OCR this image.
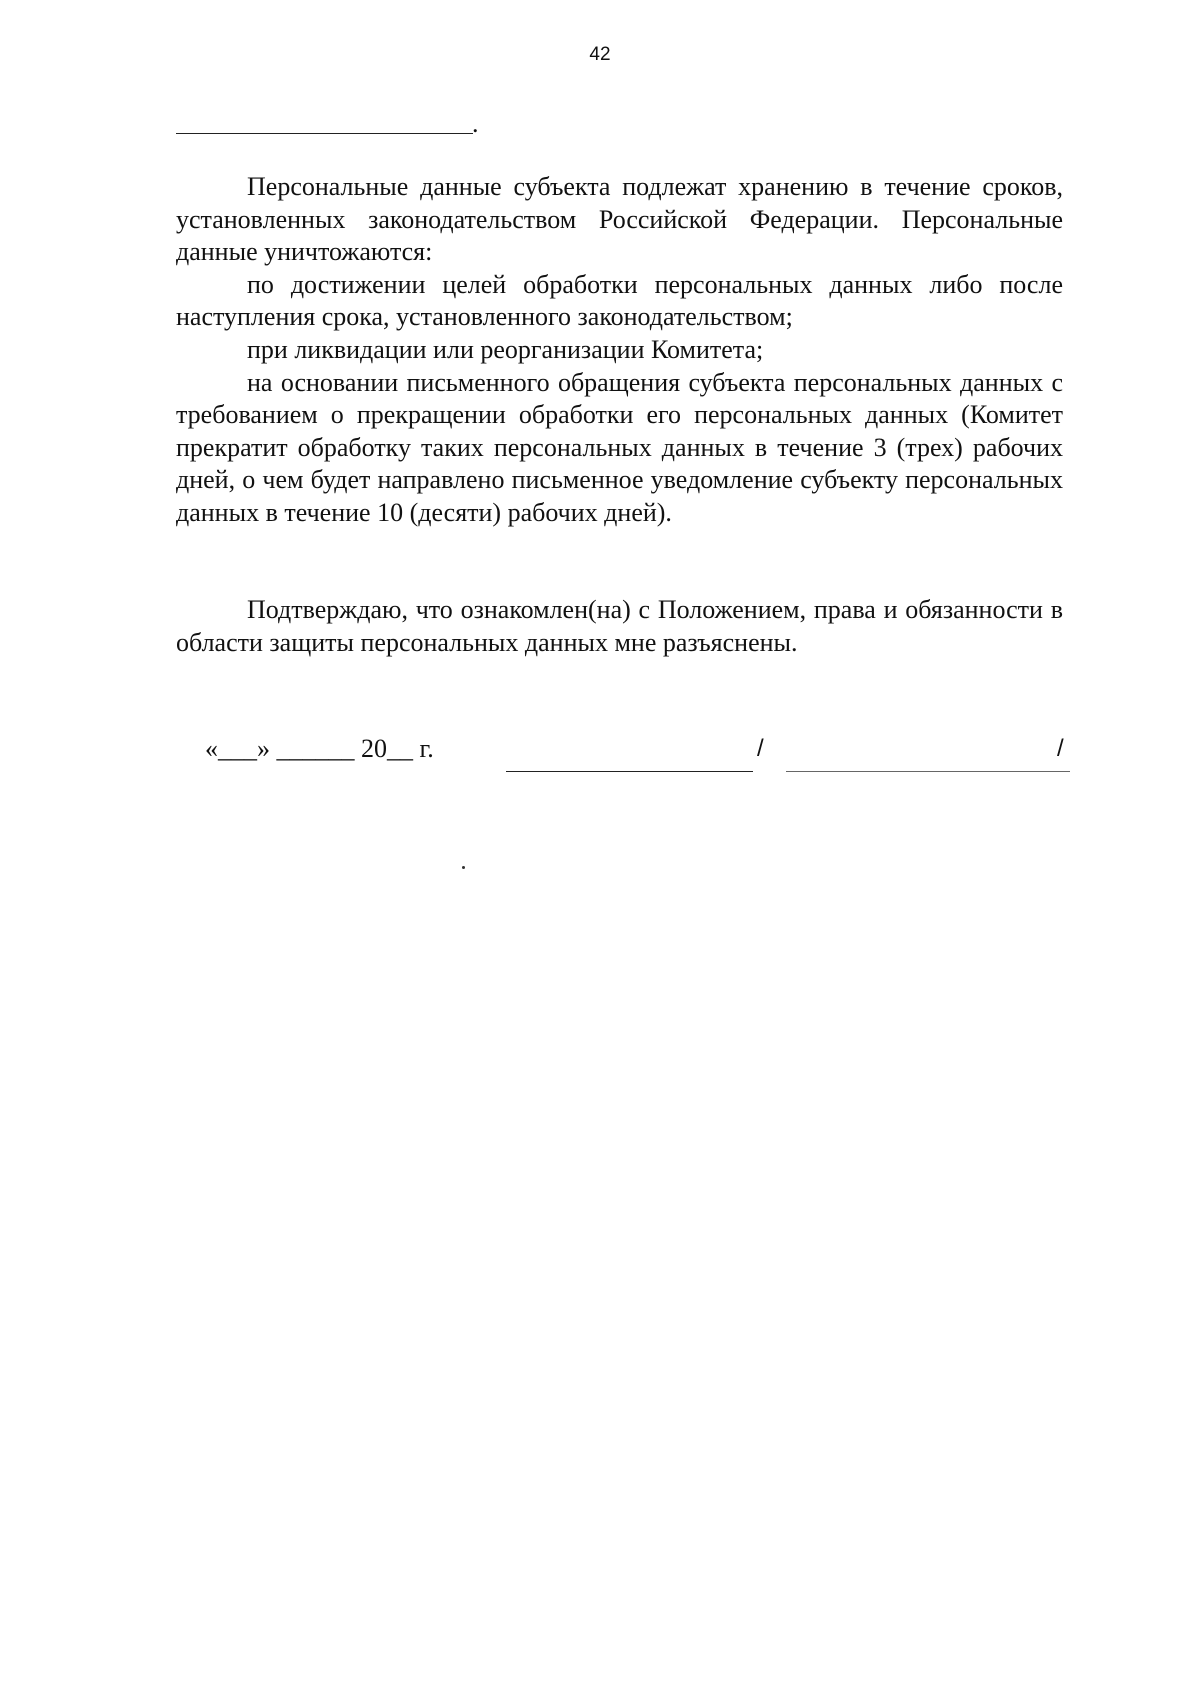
42
.

Персональные данные субъекта подлежат хранению в течение сроков, установленных законодательством Российской Федерации. Персональные данные уничтожаются:

по достижении целей обработки персональных данных либо после наступления срока, установленного законодательством;

при ликвидации или реорганизации Комитета;

на основании письменного обращения субъекта персональных данных с требованием о прекращении обработки его персональных данных (Комитет прекратит обработку таких персональных данных в течение 3 (трех) рабочих дней, о чем будет направлено письменное уведомление субъекту персональных данных в течение 10 (десяти) рабочих дней).

Подтверждаю, что ознакомлен(на) с Положением, права и обязанности в области защиты персональных данных мне разъяснены.

«___» ______ 20__ г.	/	/
